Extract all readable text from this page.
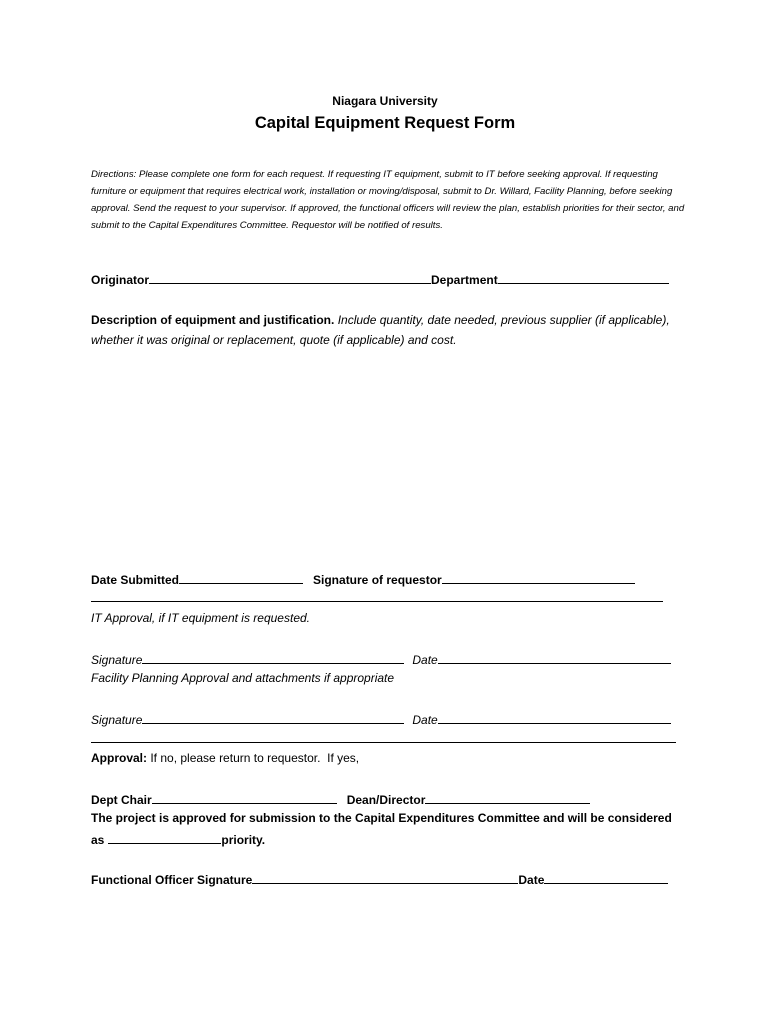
Niagara University
Capital Equipment Request Form
Directions: Please complete one form for each request. If requesting IT equipment, submit to IT before seeking approval. If requesting furniture or equipment that requires electrical work, installation or moving/disposal, submit to Dr. Willard, Facility Planning, before seeking approval. Send the request to your supervisor. If approved, the functional officers will review the plan, establish priorities for their sector, and submit to the Capital Expenditures Committee. Requestor will be notified of results.
Originator	Department
Description of equipment and justification. Include quantity, date needed, previous supplier (if applicable), whether it was original or replacement, quote (if applicable) and cost.
Date Submitted	Signature of requestor
IT Approval, if IT equipment is requested.
Signature	Date
Facility Planning Approval and attachments if appropriate
Signature	Date
Approval: If no, please return to requestor.  If yes,
Dept Chair	Dean/Director
The project is approved for submission to the Capital Expenditures Committee and will be considered
as	priority.
Functional Officer Signature	Date
